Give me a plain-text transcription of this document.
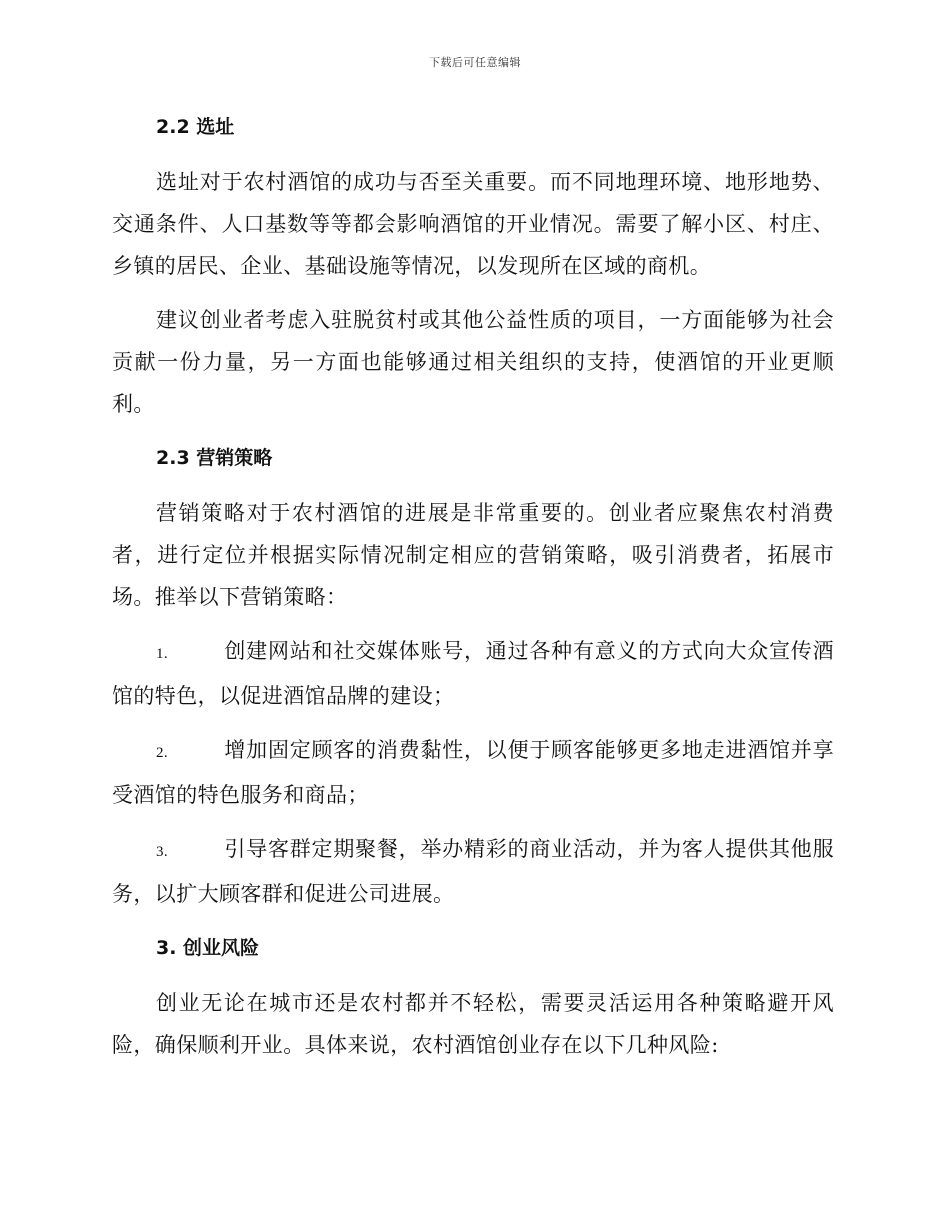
下载后可任意编辑
2.2 选址

选址对于农村酒馆的成功与否至关重要。而不同地理环境、地形地势、交通条件、人口基数等等都会影响酒馆的开业情况。需要了解小区、村庄、乡镇的居民、企业、基础设施等情况，以发现所在区域的商机。

建议创业者考虑入驻脱贫村或其他公益性质的项目，一方面能够为社会贡献一份力量，另一方面也能够通过相关组织的支持，使酒馆的开业更顺利。

2.3 营销策略

营销策略对于农村酒馆的进展是非常重要的。创业者应聚焦农村消费者，进行定位并根据实际情况制定相应的营销策略，吸引消费者，拓展市场。推举以下营销策略：

1.	创建网站和社交媒体账号，通过各种有意义的方式向大众宣传酒馆的特色，以促进酒馆品牌的建设；
2.	增加固定顾客的消费黏性，以便于顾客能够更多地走进酒馆并享受酒馆的特色服务和商品；
3.	引导客群定期聚餐，举办精彩的商业活动，并为客人提供其他服务，以扩大顾客群和促进公司进展。
3. 创业风险

创业无论在城市还是农村都并不轻松，需要灵活运用各种策略避开风险，确保顺利开业。具体来说，农村酒馆创业存在以下几种风险:
